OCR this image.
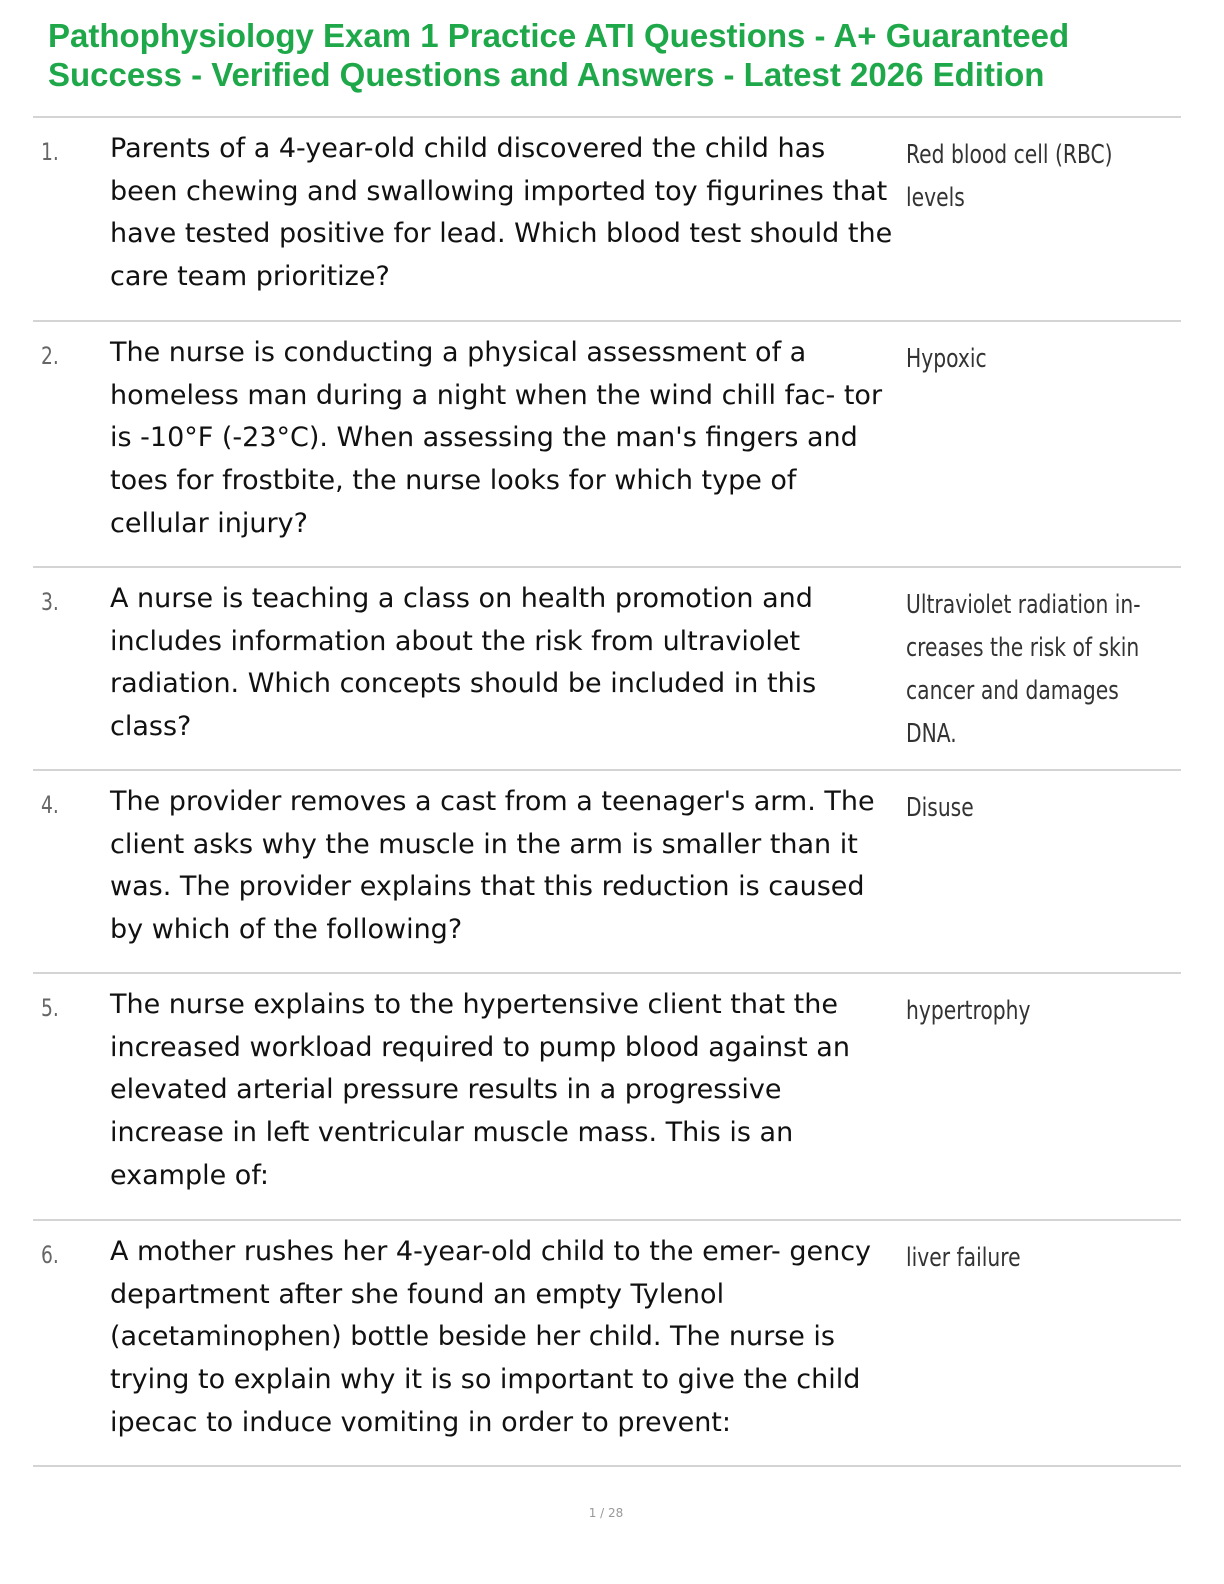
Pathophysiology Exam 1 Practice ATI Questions - A+ Guaranteed
Success - Verified Questions and Answers - Latest 2026 Edition
1. Parents of a 4-year-old child discovered the child has been chewing and swallowing imported toy figurines that have tested positive for lead. Which blood test should the care team prioritize?
Red blood cell (RBC) levels
2. The nurse is conducting a physical assessment of a homeless man during a night when the wind chill fac- tor is -10°F (-23°C). When assessing the man's fingers and toes for frostbite, the nurse looks for which type of cellular injury?
Hypoxic
3. A nurse is teaching a class on health promotion and includes information about the risk from ultraviolet radiation. Which concepts should be included in this class?
Ultraviolet radiation in- creases the risk of skin cancer and damages DNA.
4. The provider removes a cast from a teenager's arm. The client asks why the muscle in the arm is smaller than it was. The provider explains that this reduction is caused by which of the following?
Disuse
5. The nurse explains to the hypertensive client that the increased workload required to pump blood against an elevated arterial pressure results in a progressive increase in left ventricular muscle mass. This is an example of:
hypertrophy
6. A mother rushes her 4-year-old child to the emer- gency department after she found an empty Tylenol (acetaminophen) bottle beside her child. The nurse is trying to explain why it is so important to give the child ipecac to induce vomiting in order to prevent:
liver failure
1 / 28
